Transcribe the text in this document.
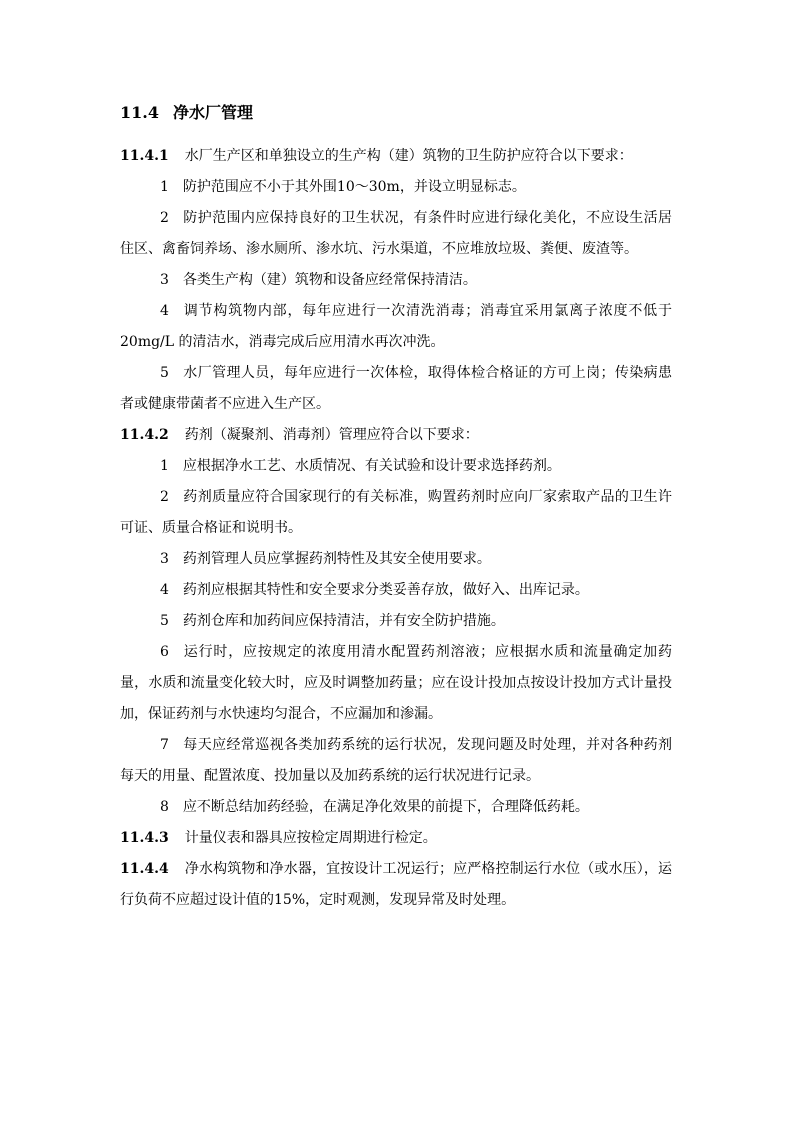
11.4 净水厂管理

11.4.1 水厂生产区和单独设立的生产构（建）筑物的卫生防护应符合以下要求：

1 防护范围应不小于其外围10～30m，并设立明显标志。

2 防护范围内应保持良好的卫生状况，有条件时应进行绿化美化，不应设生活居住区、禽畜饲养场、渗水厕所、渗水坑、污水渠道，不应堆放垃圾、粪便、废渣等。

3 各类生产构（建）筑物和设备应经常保持清洁。

4 调节构筑物内部，每年应进行一次清洗消毒；消毒宜采用氯离子浓度不低于 20mg/L 的清洁水，消毒完成后应用清水再次冲洗。

5 水厂管理人员，每年应进行一次体检，取得体检合格证的方可上岗；传染病患者或健康带菌者不应进入生产区。

11.4.2 药剂（凝聚剂、消毒剂）管理应符合以下要求：

1 应根据净水工艺、水质情况、有关试验和设计要求选择药剂。

2 药剂质量应符合国家现行的有关标准，购置药剂时应向厂家索取产品的卫生许可证、质量合格证和说明书。

3 药剂管理人员应掌握药剂特性及其安全使用要求。

4 药剂应根据其特性和安全要求分类妥善存放，做好入、出库记录。

5 药剂仓库和加药间应保持清洁，并有安全防护措施。

6 运行时，应按规定的浓度用清水配置药剂溶液；应根据水质和流量确定加药量，水质和流量变化较大时，应及时调整加药量；应在设计投加点按设计投加方式计量投加，保证药剂与水快速均匀混合，不应漏加和渗漏。

7 每天应经常巡视各类加药系统的运行状况，发现问题及时处理，并对各种药剂每天的用量、配置浓度、投加量以及加药系统的运行状况进行记录。

8 应不断总结加药经验，在满足净化效果的前提下，合理降低药耗。

11.4.3 计量仪表和器具应按检定周期进行检定。

11.4.4 净水构筑物和净水器，宜按设计工况运行；应严格控制运行水位（或水压），运行负荷不应超过设计值的15%，定时观测，发现异常及时处理。
